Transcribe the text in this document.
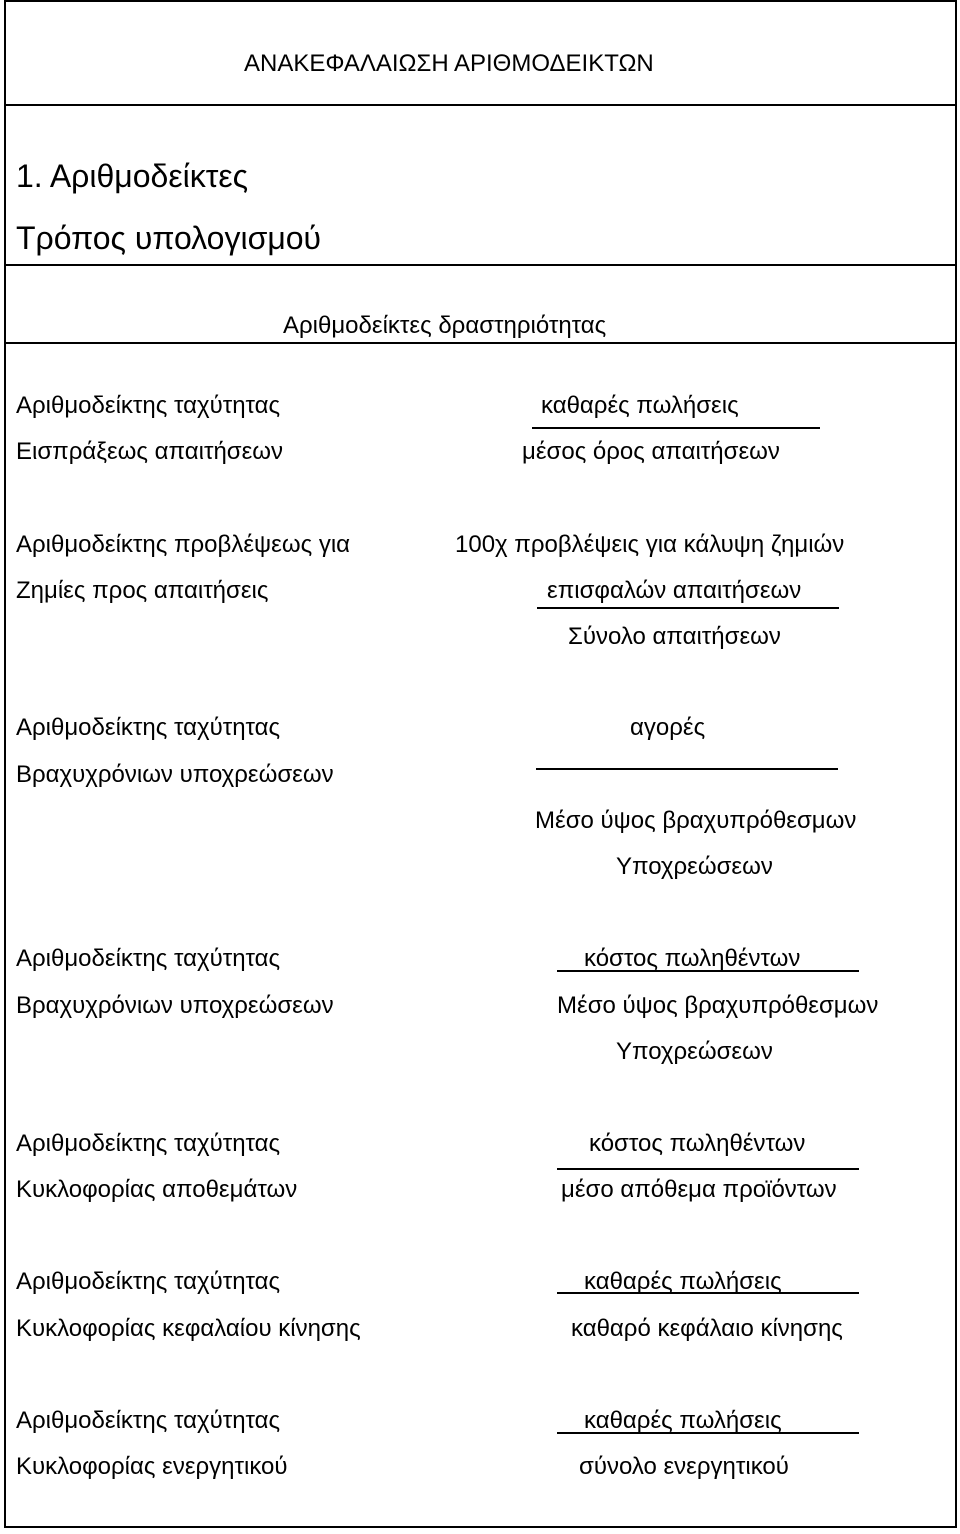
ΑΝΑΚΕΦΑΛΑΙΩΣΗ ΑΡΙΘΜΟΔΕΙΚΤΩΝ
1. Αριθμοδείκτες
Τρόπος υπολογισμού
Αριθμοδείκτες δραστηριότητας
Αριθμοδείκτης ταχύτητας
Εισπράξεως απαιτήσεων
καθαρές πωλήσεις
μέσος όρος απαιτήσεων
Αριθμοδείκτης προβλέψεως για
Ζημίες προς απαιτήσεις
100χ προβλέψεις για κάλυψη ζημιών
επισφαλών απαιτήσεων
Σύνολο απαιτήσεων
Αριθμοδείκτης ταχύτητας
Βραχυχρόνιων υποχρεώσεων
αγορές
Μέσο ύψος βραχυπρόθεσμων
Υποχρεώσεων
Αριθμοδείκτης ταχύτητας
Βραχυχρόνιων υποχρεώσεων
κόστος πωληθέντων
Μέσο ύψος βραχυπρόθεσμων
Υποχρεώσεων
Αριθμοδείκτης ταχύτητας
Κυκλοφορίας αποθεμάτων
κόστος πωληθέντων
μέσο απόθεμα προϊόντων
Αριθμοδείκτης ταχύτητας
Κυκλοφορίας κεφαλαίου κίνησης
καθαρές πωλήσεις
καθαρό κεφάλαιο κίνησης
Αριθμοδείκτης ταχύτητας
Κυκλοφορίας ενεργητικού
καθαρές πωλήσεις
σύνολο ενεργητικού
